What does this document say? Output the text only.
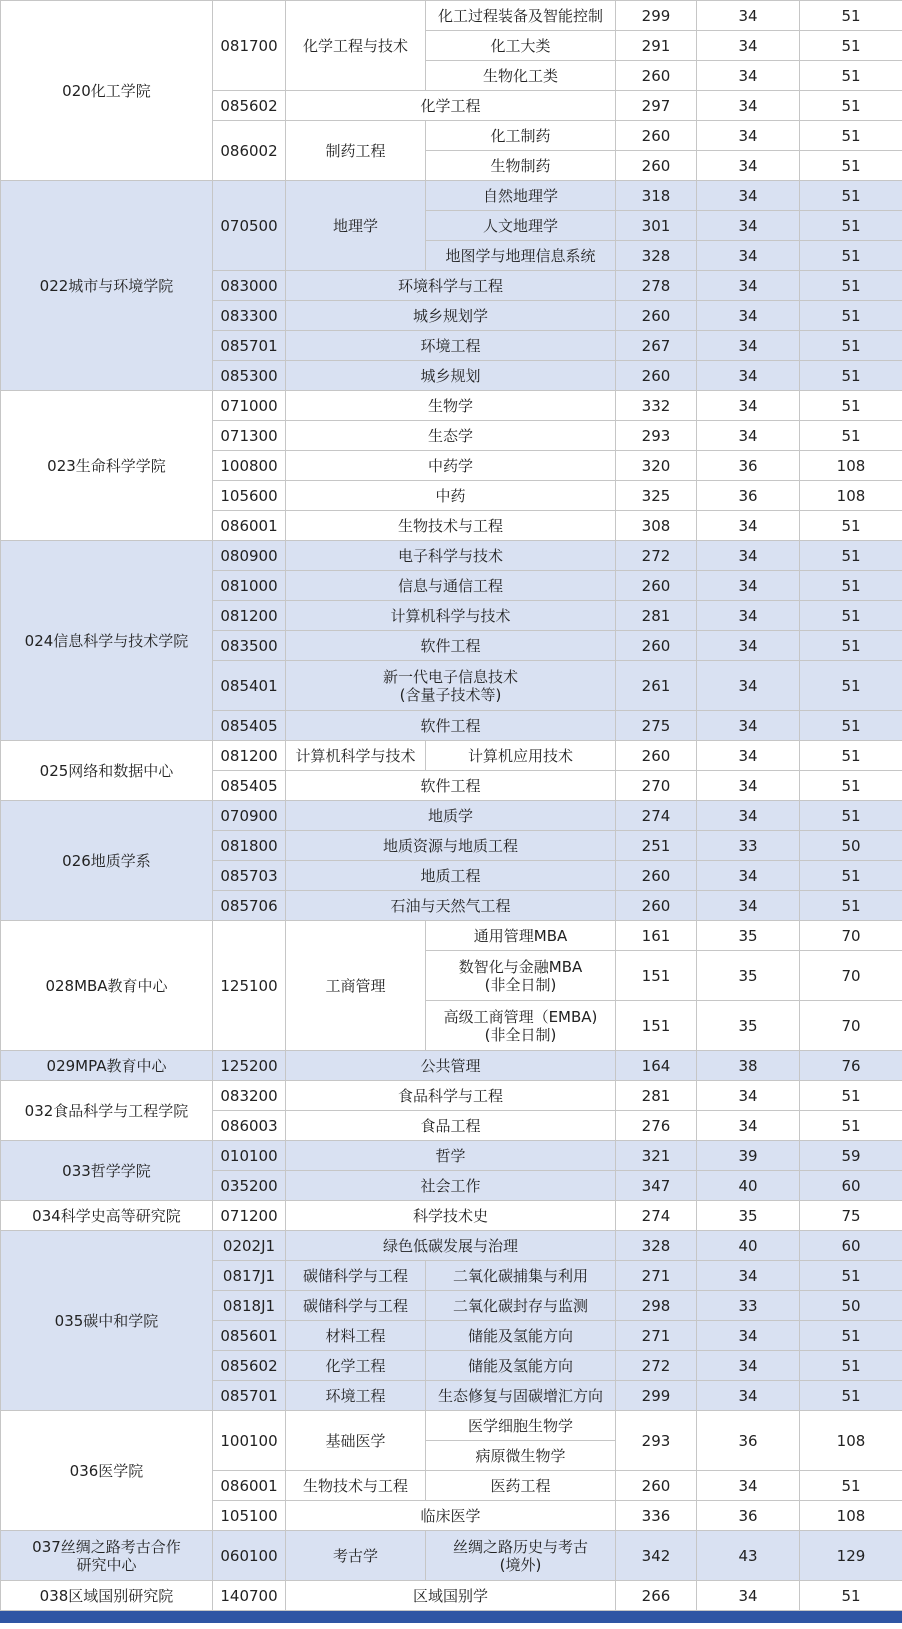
020化工学院	081700	化学工程与技术	化工过程装备及智能控制	299	34	51
			化工大类	291	34	51
			生物化工类	260	34	51
	085602	化学工程		297	34	51
	086002	制药工程	化工制药	260	34	51
			生物制药	260	34	51
022城市与环境学院	070500	地理学	自然地理学	318	34	51
			人文地理学	301	34	51
			地图学与地理信息系统	328	34	51
	083000	环境科学与工程		278	34	51
	083300	城乡规划学		260	34	51
	085701	环境工程		267	34	51
	085300	城乡规划		260	34	51
023生命科学学院	071000	生物学		332	34	51
	071300	生态学		293	34	51
	100800	中药学		320	36	108
	105600	中药		325	36	108
	086001	生物技术与工程		308	34	51
024信息科学与技术学院	080900	电子科学与技术		272	34	51
	081000	信息与通信工程		260	34	51
	081200	计算机科学与技术		281	34	51
	083500	软件工程		260	34	51
	085401	新一代电子信息技术
(含量子技术等)		261	34	51
	085405	软件工程		275	34	51
025网络和数据中心	081200	计算机科学与技术	计算机应用技术	260	34	51
	085405	软件工程		270	34	51
026地质学系	070900	地质学		274	34	51
	081800	地质资源与地质工程		251	33	50
	085703	地质工程		260	34	51
	085706	石油与天然气工程		260	34	51
028MBA教育中心	125100	工商管理	通用管理MBA	161	35	70

			数智化与金融MBA
(非全日制)	151	35	70

			高级工商管理（EMBA)
(非全日制)	151	35	70
029MPA教育中心	125200	公共管理		164	38	76
032食品科学与工程学院	083200	食品科学与工程		281	34	51
	086003	食品工程		276	34	51
033哲学学院	010100	哲学		321	39	59
	035200	社会工作		347	40	60
034科学史高等研究院	071200	科学技术史		274	35	75
035碳中和学院	0202J1	绿色低碳发展与治理		328	40	60
	0817J1	碳储科学与工程	二氧化碳捕集与利用	271	34	51
	0818J1	碳储科学与工程	二氧化碳封存与监测	298	33	50
	085601	材料工程	储能及氢能方向	271	34	51
	085602	化学工程	储能及氢能方向	272	34	51
	085701	环境工程	生态修复与固碳增汇方向	299	34	51
036医学院	100100	基础医学	医学细胞生物学	293	36	108
			病原微生物学			
	086001	生物技术与工程	医药工程	260	34	51
	105100	临床医学		336	36	108

037丝绸之路考古合作
研究中心	060100	考古学	丝绸之路历史与考古
(境外)	342	43	129
038区域国别研究院	140700	区域国别学		266	34	51
